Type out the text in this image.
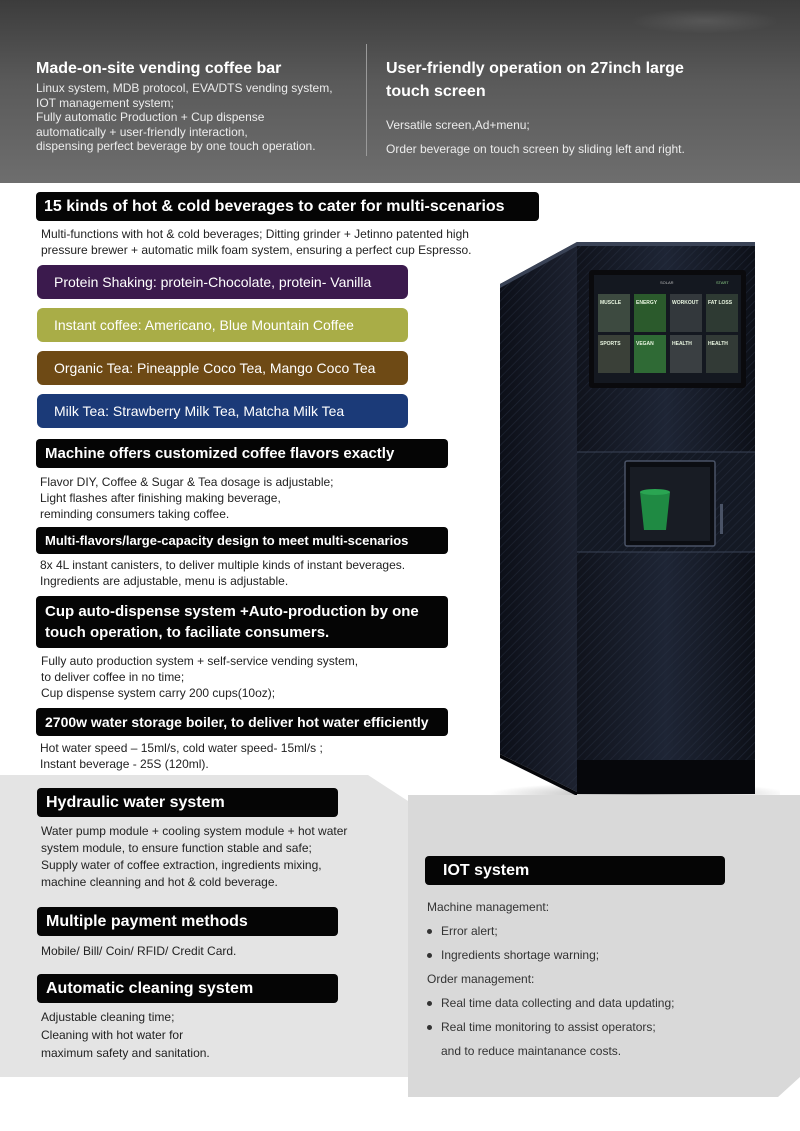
Made-on-site vending coffee bar
Linux system, MDB protocol, EVA/DTS vending system,
IOT management system;
Fully automatic Production + Cup dispense
automatically + user-friendly interaction,
dispensing perfect beverage by one touch operation.
User-friendly operation on 27inch large touch screen
Versatile screen,Ad+menu;
Order beverage on touch screen by sliding left and right.
15 kinds of hot & cold beverages to cater for multi-scenarios
Multi-functions with hot & cold beverages; Ditting grinder + Jetinno patented high
pressure brewer + automatic milk foam system, ensuring a perfect cup Espresso.
Protein Shaking: protein-Chocolate, protein- Vanilla
Instant coffee: Americano, Blue Mountain Coffee
Organic Tea: Pineapple Coco Tea, Mango Coco Tea
Milk Tea: Strawberry Milk Tea, Matcha Milk Tea
Machine offers customized coffee flavors exactly
Flavor DIY, Coffee & Sugar & Tea dosage is adjustable;
Light flashes after finishing making beverage,
reminding consumers taking coffee.
Multi-flavors/large-capacity design to meet multi-scenarios
8x 4L instant canisters, to deliver multiple kinds of instant beverages.
Ingredients are adjustable, menu is adjustable.
Cup auto-dispense system +Auto-production by one touch operation, to faciliate consumers.
Fully auto production system + self-service vending system,
to deliver coffee in no time;
Cup dispense system carry 200 cups(10oz);
2700w water storage boiler, to deliver hot water efficiently
Hot water speed – 15ml/s, cold water speed- 15ml/s ;
Instant beverage - 25S (120ml).
MUSCLE	ENERGY	WORKOUT FAT LOSS
SPORTS	VEGAN	HEALTH	HEALTH
SOLAR	START
Hydraulic water system
Water pump module + cooling system module + hot water
system module, to ensure function stable and safe;
Supply water of coffee extraction, ingredients mixing,
machine cleanning and hot & cold beverage.
Multiple payment methods
Mobile/ Bill/ Coin/ RFID/ Credit Card.
Automatic cleaning system
Adjustable cleaning time;
Cleaning with hot water for
maximum safety and sanitation.
IOT system
Machine management:
Error alert;
Ingredients shortage warning;
Order management:
Real time data collecting and data updating;
Real time monitoring to assist operators;
and to reduce maintanance costs.
